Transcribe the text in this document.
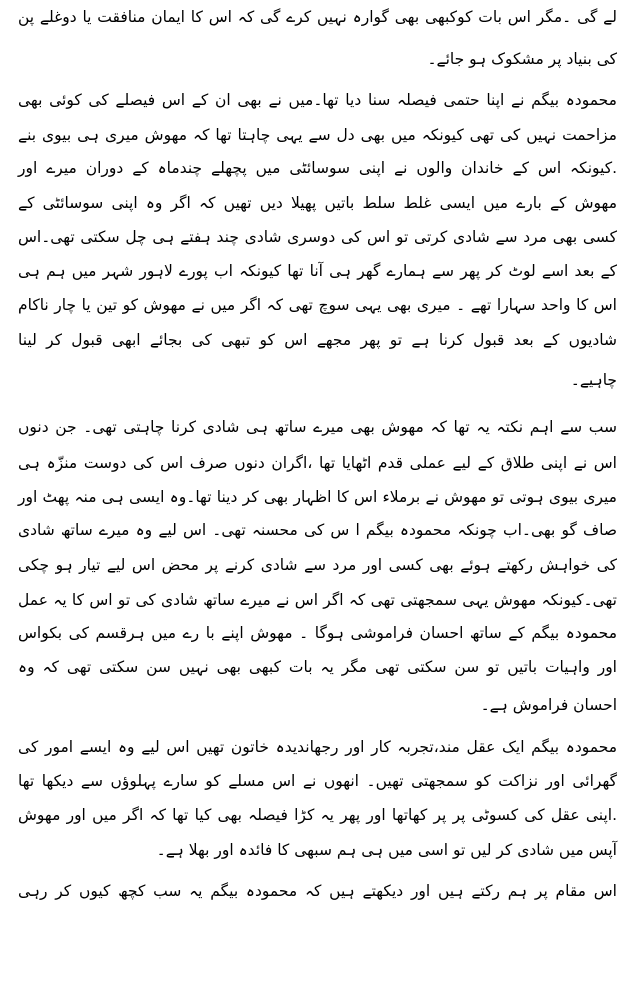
لے گی ۔مگر اس بات کوکبھی بھی گوارہ نہیں کرے گی کہ اس کا ایمان منافقت یا دوغلے پن
کی بنیاد پر مشکوک ہو جائے۔
محمودہ بیگم نے اپنا حتمی فیصلہ سنا دیا تھا۔میں نے بھی ان کے اس فیصلے کی کوئی بھی
مزاحمت نہیں کی تھی کیونکہ میں بھی دل سے یہی چاہتا تھا کہ مھوش میری ہی بیوی بنے
.کیونکہ اس کے خاندان والوں نے اپنی سوسائٹی میں پچھلے چندماہ کے دوران میرے اور
مھوش کے بارے میں ایسی غلط سلط باتیں پھیلا دیں تھیں کہ اگر وہ اپنی سوسائٹی کے
کسی بھی مرد سے شادی کرتی تو اس کی دوسری شادی چند ہفتے ہی چل سکتی تھی۔اس
کے بعد اسے لوٹ کر پھر سے ہمارے گھر ہی آنا تھا کیونکہ اب پورے لاہور شہر میں ہم ہی
اس کا واحد سہارا تھے ۔ میری بھی یہی سوچ تھی کہ اگر میں نے مھوش کو تین یا چار ناکام
شادیوں کے بعد قبول کرنا ہے تو پھر مجھے اس کو تبھی کی بجائے ابھی قبول کر لینا
چاہیے۔
سب سے اہم نکتہ یہ تھا کہ مھوش بھی میرے ساتھ ہی شادی کرنا چاہتی تھی۔ جن دنوں
اس نے اپنی طلاق کے لیے عملی قدم اٹھایا تھا ،اگران دنوں صرف اس کی دوست منزّہ ہی
میری بیوی ہوتی تو مھوش نے برملاء اس کا اظہار بھی کر دینا تھا۔وہ ایسی ہی منہ پھٹ اور
صاف گو بھی۔اب چونکہ محمودہ بیگم ا س کی محسنہ تھی۔ اس لیے وہ میرے ساتھ شادی
کی خواہش رکھتے ہوئے بھی کسی اور مرد سے شادی کرنے پر محض اس لیے تیار ہو چکی
تھی۔کیونکہ مھوش یہی سمجھتی تھی کہ اگر اس نے میرے ساتھ شادی کی تو اس کا یہ عمل
محمودہ بیگم کے ساتھ احسان فراموشی ہوگا ۔ مھوش اپنے با رے میں ہرقسم کی بکواس
اور واہیات باتیں تو سن سکتی تھی مگر یہ بات کبھی بھی نہیں سن سکتی تھی کہ وہ
احسان فراموش ہے۔
محمودہ بیگم ایک عقل مند،تجربہ کار اور رجھاندیدہ خاتون تھیں اس لیے وہ ایسے امور کی
گھرائی اور نزاکت کو سمجھتی تھیں۔ انھوں نے اس مسلے کو سارے پہلوؤں سے دیکھا تھا
.اپنی عقل کی کسوٹی پر پر کھاتھا اور پھر یہ کڑا فیصلہ بھی کیا تھا کہ اگر میں اور مھوش
آپس میں شادی کر لیں تو اسی میں ہی ہم سبھی کا فائدہ اور بھلا ہے۔
اس مقام پر ہم رکتے ہیں اور دیکھتے ہیں کہ محمودہ بیگم یہ سب کچھ کیوں کر رہی
